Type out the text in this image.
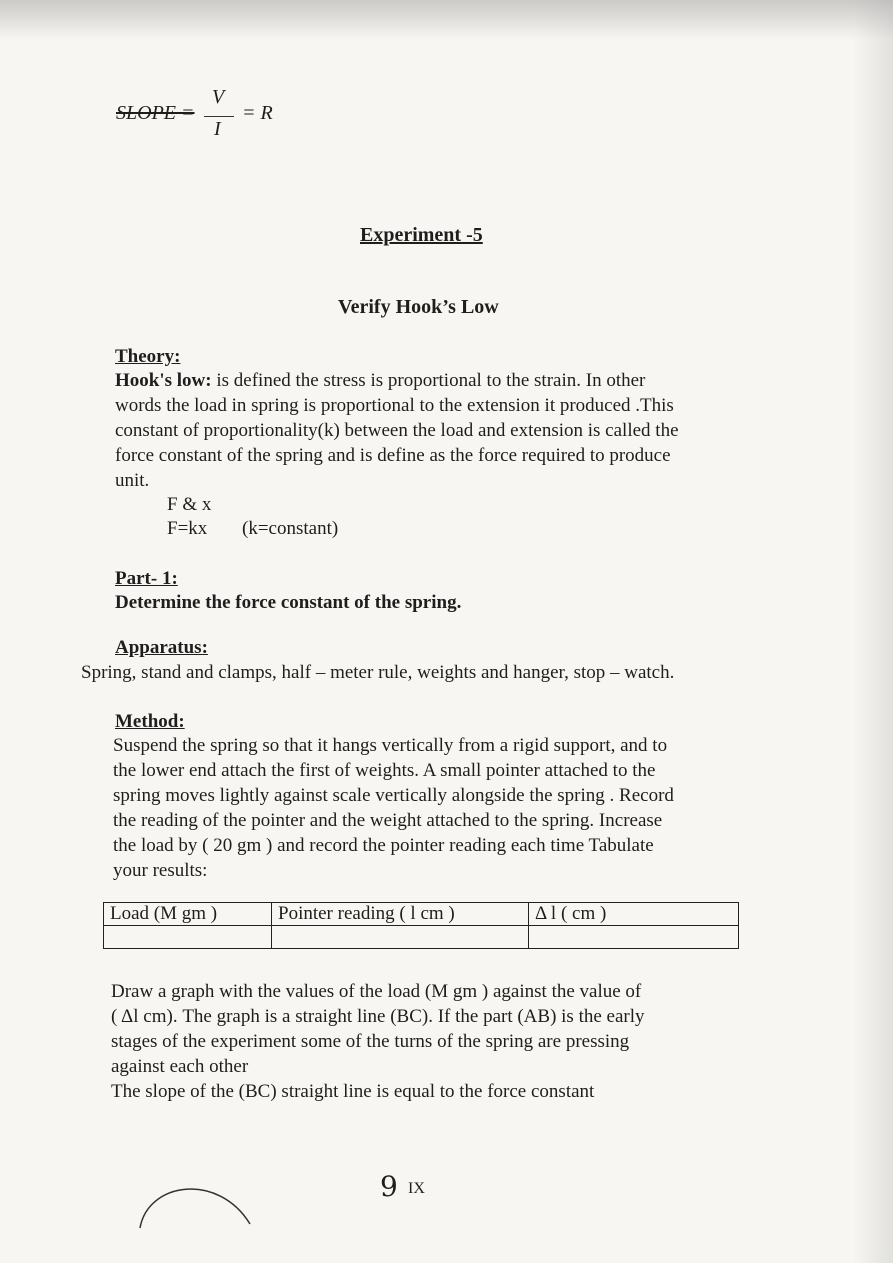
SLOPE =
V
I
= R
Experiment -5
Verify Hook’s Low
Theory:
Hook's low: is defined the stress is proportional to the strain. In other
words the load in spring is proportional to the extension it produced .This
constant of proportionality(k) between the load and extension is called the
force constant of the spring and is define as the force required to produce
unit.
F & x
F=kx (k=constant)
Part- 1:
Determine the force constant of the spring.
Apparatus:
Spring, stand and clamps, half – meter rule, weights and hanger, stop – watch.
Method:
Suspend the spring so that it hangs vertically from a rigid support, and to
the lower end attach the first of weights. A small pointer attached to the
spring moves lightly against scale vertically alongside the spring . Record
the reading of the pointer and the weight attached to the spring. Increase
the load by ( 20 gm ) and record the pointer reading each time Tabulate
your results:
Load (M gm )	Pointer reading ( l cm )	Δ l ( cm )

Draw a graph with the values of the load (M gm ) against the value of
( Δl cm). The graph is a straight line (BC). If the part (AB) is the early
stages of the experiment some of the turns of the spring are pressing
against each other
The slope of the (BC) straight line is equal to the force constant
9 IX
